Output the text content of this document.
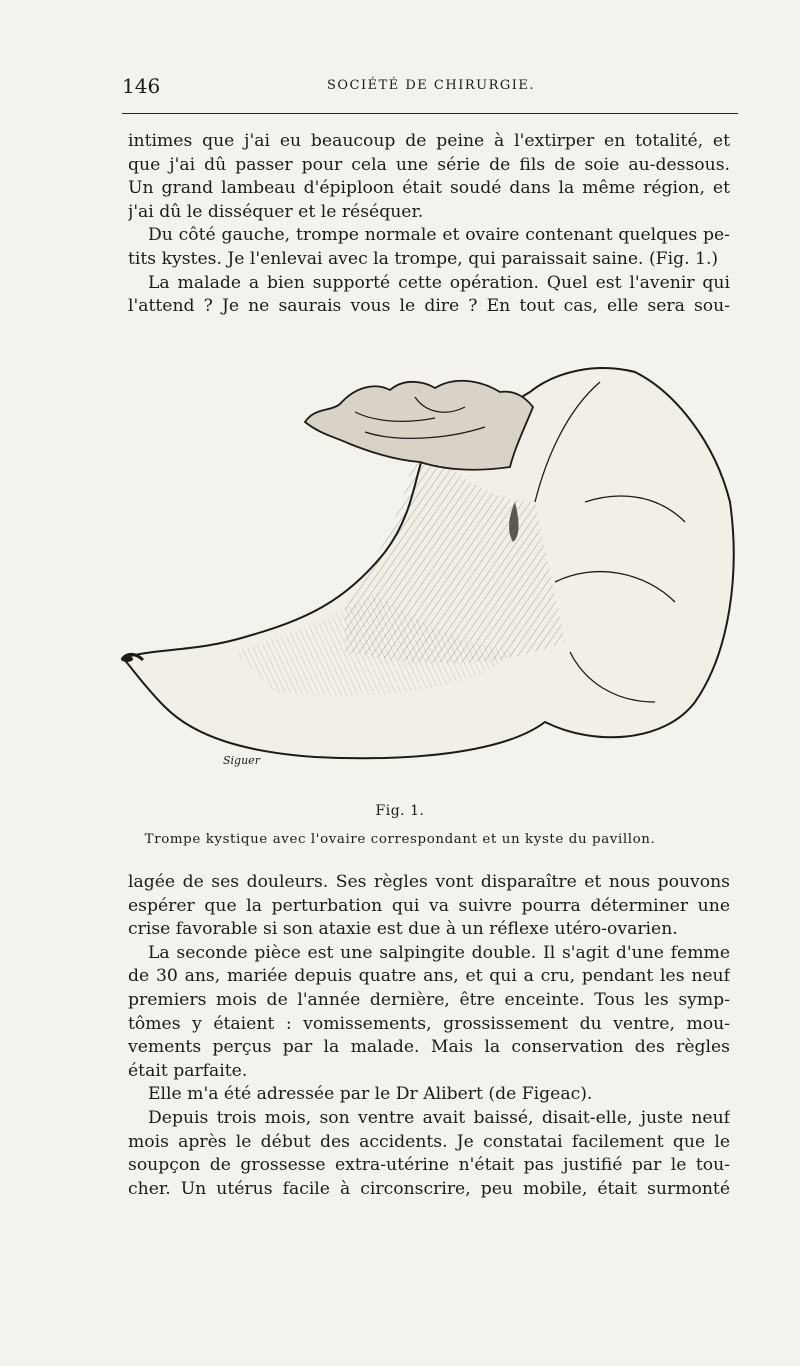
146	SOCIÉTÉ DE CHIRURGIE.
intimes que j'ai eu beaucoup de peine à l'extirper en totalité, et
que j'ai dû passer pour cela une série de fils de soie au-dessous.
Un grand lambeau d'épiploon était soudé dans la même région, et
j'ai dû le disséquer et le réséquer.
Du côté gauche, trompe normale et ovaire contenant quelques pe-
tits kystes. Je l'enlevai avec la trompe, qui paraissait saine. (Fig. 1.)
La malade a bien supporté cette opération. Quel est l'avenir qui
l'attend ? Je ne saurais vous le dire ? En tout cas, elle sera sou-
Siguer
Fig. 1.
Trompe kystique avec l'ovaire correspondant et un kyste du pavillon.
lagée de ses douleurs. Ses règles vont disparaître et nous pouvons
espérer que la perturbation qui va suivre pourra déterminer une
crise favorable si son ataxie est due à un réflexe utéro-ovarien.
La seconde pièce est une salpingite double. Il s'agit d'une femme
de 30 ans, mariée depuis quatre ans, et qui a cru, pendant les neuf
premiers mois de l'année dernière, être enceinte. Tous les symp-
tômes y étaient : vomissements, grossissement du ventre, mou-
vements perçus par la malade. Mais la conservation des règles
était parfaite.
Elle m'a été adressée par le Dr Alibert (de Figeac).
Depuis trois mois, son ventre avait baissé, disait-elle, juste neuf
mois après le début des accidents. Je constatai facilement que le
soupçon de grossesse extra-utérine n'était pas justifié par le tou-
cher. Un utérus facile à circonscrire, peu mobile, était surmonté
